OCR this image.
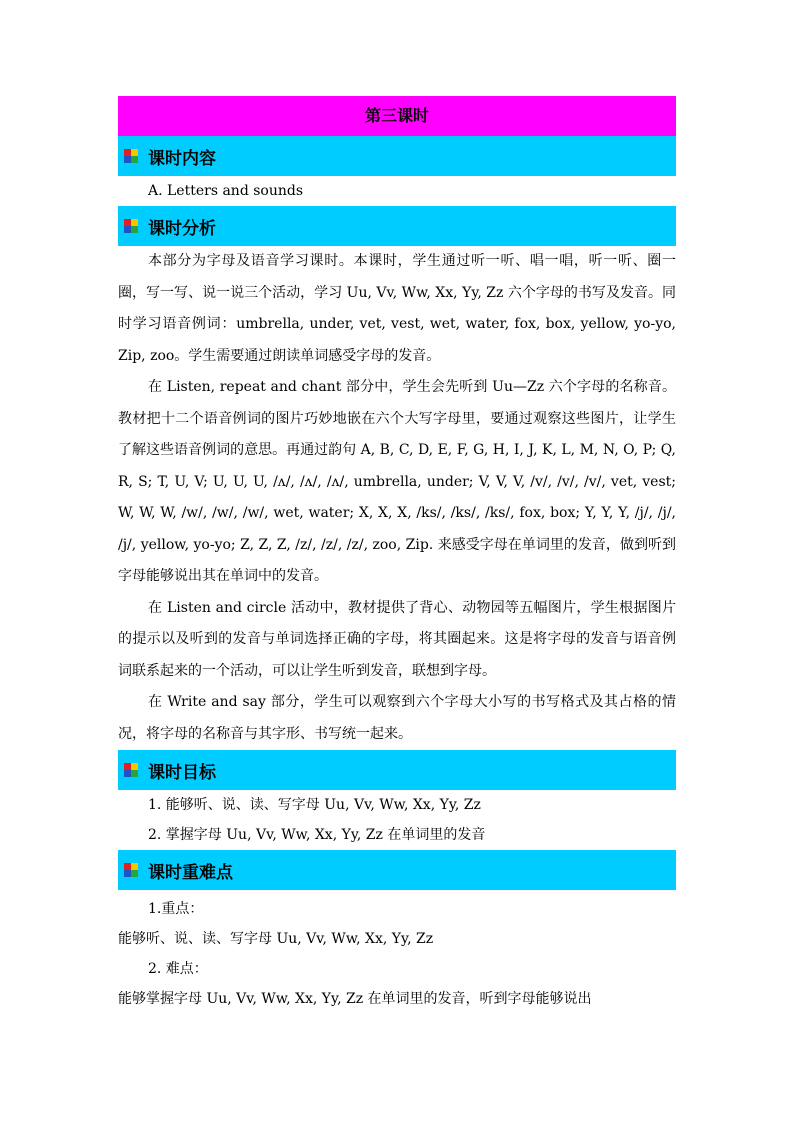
第三课时
课时内容
A. Letters and sounds
课时分析

本部分为字母及语音学习课时。本课时，学生通过听一听、唱一唱，听一听、圈一圈，写一写、说一说三个活动，学习 Uu, Vv, Ww, Xx, Yy, Zz 六个字母的书写及发音。同时学习语音例词：umbrella, under, vet, vest, wet, water, fox, box, yellow, yo-yo, Zip, zoo。学生需要通过朗读单词感受字母的发音。

在 Listen, repeat and chant 部分中，学生会先听到 Uu—Zz 六个字母的名称音。教材把十二个语音例词的图片巧妙地嵌在六个大写字母里，要通过观察这些图片，让学生了解这些语音例词的意思。再通过韵句 A, B, C, D, E, F, G, H, I, J, K, L, M, N, O, P; Q, R, S; T, U, V; U, U, U, /ʌ/, /ʌ/, /ʌ/, umbrella, under; V, V, V, /v/, /v/, /v/, vet, vest; W, W, W, /w/, /w/, /w/, wet, water; X, X, X, /ks/, /ks/, /ks/, fox, box; Y, Y, Y, /j/, /j/, /j/, yellow, yo-yo; Z, Z, Z, /z/, /z/, /z/, zoo, Zip. 来感受字母在单词里的发音，做到听到字母能够说出其在单词中的发音。

在 Listen and circle 活动中，教材提供了背心、动物园等五幅图片，学生根据图片的提示以及听到的发音与单词选择正确的字母，将其圈起来。这是将字母的发音与语音例词联系起来的一个活动，可以让学生听到发音，联想到字母。

在 Write and say 部分，学生可以观察到六个字母大小写的书写格式及其占格的情况，将字母的名称音与其字形、书写统一起来。

课时目标
1. 能够听、说、读、写字母 Uu, Vv, Ww, Xx, Yy, Zz
2. 掌握字母 Uu, Vv, Ww, Xx, Yy, Zz 在单词里的发音
课时重难点
1.重点：
能够听、说、读、写字母 Uu, Vv, Ww, Xx, Yy, Zz
2. 难点：
能够掌握字母 Uu, Vv, Ww, Xx, Yy, Zz 在单词里的发音，听到字母能够说出
